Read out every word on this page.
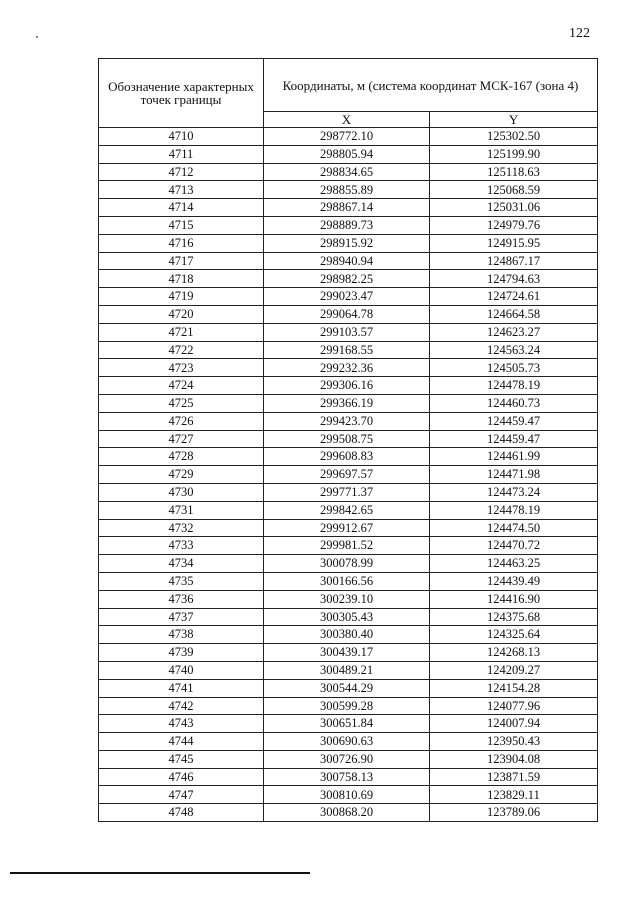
122
Обозначение характерных точек границы	Координаты, м (система координат МСК-167 (зона 4)	
	X	Y
4710	298772.10	125302.50
4711	298805.94	125199.90
4712	298834.65	125118.63
4713	298855.89	125068.59
4714	298867.14	125031.06
4715	298889.73	124979.76
4716	298915.92	124915.95
4717	298940.94	124867.17
4718	298982.25	124794.63
4719	299023.47	124724.61
4720	299064.78	124664.58
4721	299103.57	124623.27
4722	299168.55	124563.24
4723	299232.36	124505.73
4724	299306.16	124478.19
4725	299366.19	124460.73
4726	299423.70	124459.47
4727	299508.75	124459.47
4728	299608.83	124461.99
4729	299697.57	124471.98
4730	299771.37	124473.24
4731	299842.65	124478.19
4732	299912.67	124474.50
4733	299981.52	124470.72
4734	300078.99	124463.25
4735	300166.56	124439.49
4736	300239.10	124416.90
4737	300305.43	124375.68
4738	300380.40	124325.64
4739	300439.17	124268.13
4740	300489.21	124209.27
4741	300544.29	124154.28
4742	300599.28	124077.96
4743	300651.84	124007.94
4744	300690.63	123950.43
4745	300726.90	123904.08
4746	300758.13	123871.59
4747	300810.69	123829.11
4748	300868.20	123789.06
